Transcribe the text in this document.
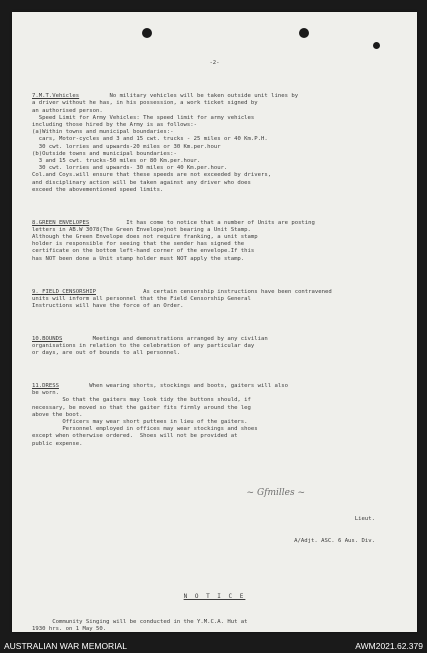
-2-

7.M.T.Vehicles	No military vehicles will be taken outside unit lines by
a driver without he has, in his possession, a work ticket signed by
an authorised person.
Speed Limit for Army Vehicles: The speed limit for army vehicles
including those hired by the Army is as follows:-
(a)Within towns and municipal boundaries:-
cars, Motor-cycles and 3 and 15 cwt. trucks - 25 miles or 40 Km.P.H.
30 cwt. lorries and upwards-20 miles or 30 Km.per.hour
(b)Outside towns and municipal boundaries:-
3 and 15 cwt. trucks-50 miles or 80 Km.per.hour.
30 cwt. lorries and upwards- 30 miles or 40 Km.per.hour.
Col.and Coys.will ensure that these speeds are not exceeded by drivers,
and disciplinary action will be taken against any driver who does
exceed the abovementioned speed limits.

8.GREEN ENVELOPES	It has come to notice that a number of Units are posting
letters in AB.W 3078(The Green Envelope)not bearing a Unit Stamp.
Although the Green Envelope does not require franking, a unit stamp
holder is responsible for seeing that the sender has signed the
certificate on the bottom left-hand corner of the envelope.If this
has NOT been done a Unit stamp holder must NOT apply the stamp.

9. FIELD CENSORSHIP	As certain censorship instructions have been contravened
units will inform all personnel that the Field Censorship General
Instructions will have the force of an Order.

10.BOUNDS	Meetings and demonstrations arranged by any civilian
organisations in relation to the celebration of any particular day
or days, are out of bounds to all personnel.

11.DRESS	When wearing shorts, stockings and boots, gaiters will also
be worn.
So that the gaiters may look tidy the buttons should, if
necessary, be moved so that the gaiter fits firmly around the leg
above the boot.
Officers may wear short puttees in lieu of the gaiters.
Personnel employed in offices may wear stockings and shoes
except when otherwise ordered.  Shoes will not be provided at
public expense.

~ Gfmilles ~

Lieut.

A/Adjt. ASC. 6 Aus. Div.

N O T I C E

Community Singing will be conducted in the Y.M.C.A. Hut at
1930 hrs. on 1 May 50.

AUSTRALIAN WAR MEMORIAL	AWM2021.62.379
